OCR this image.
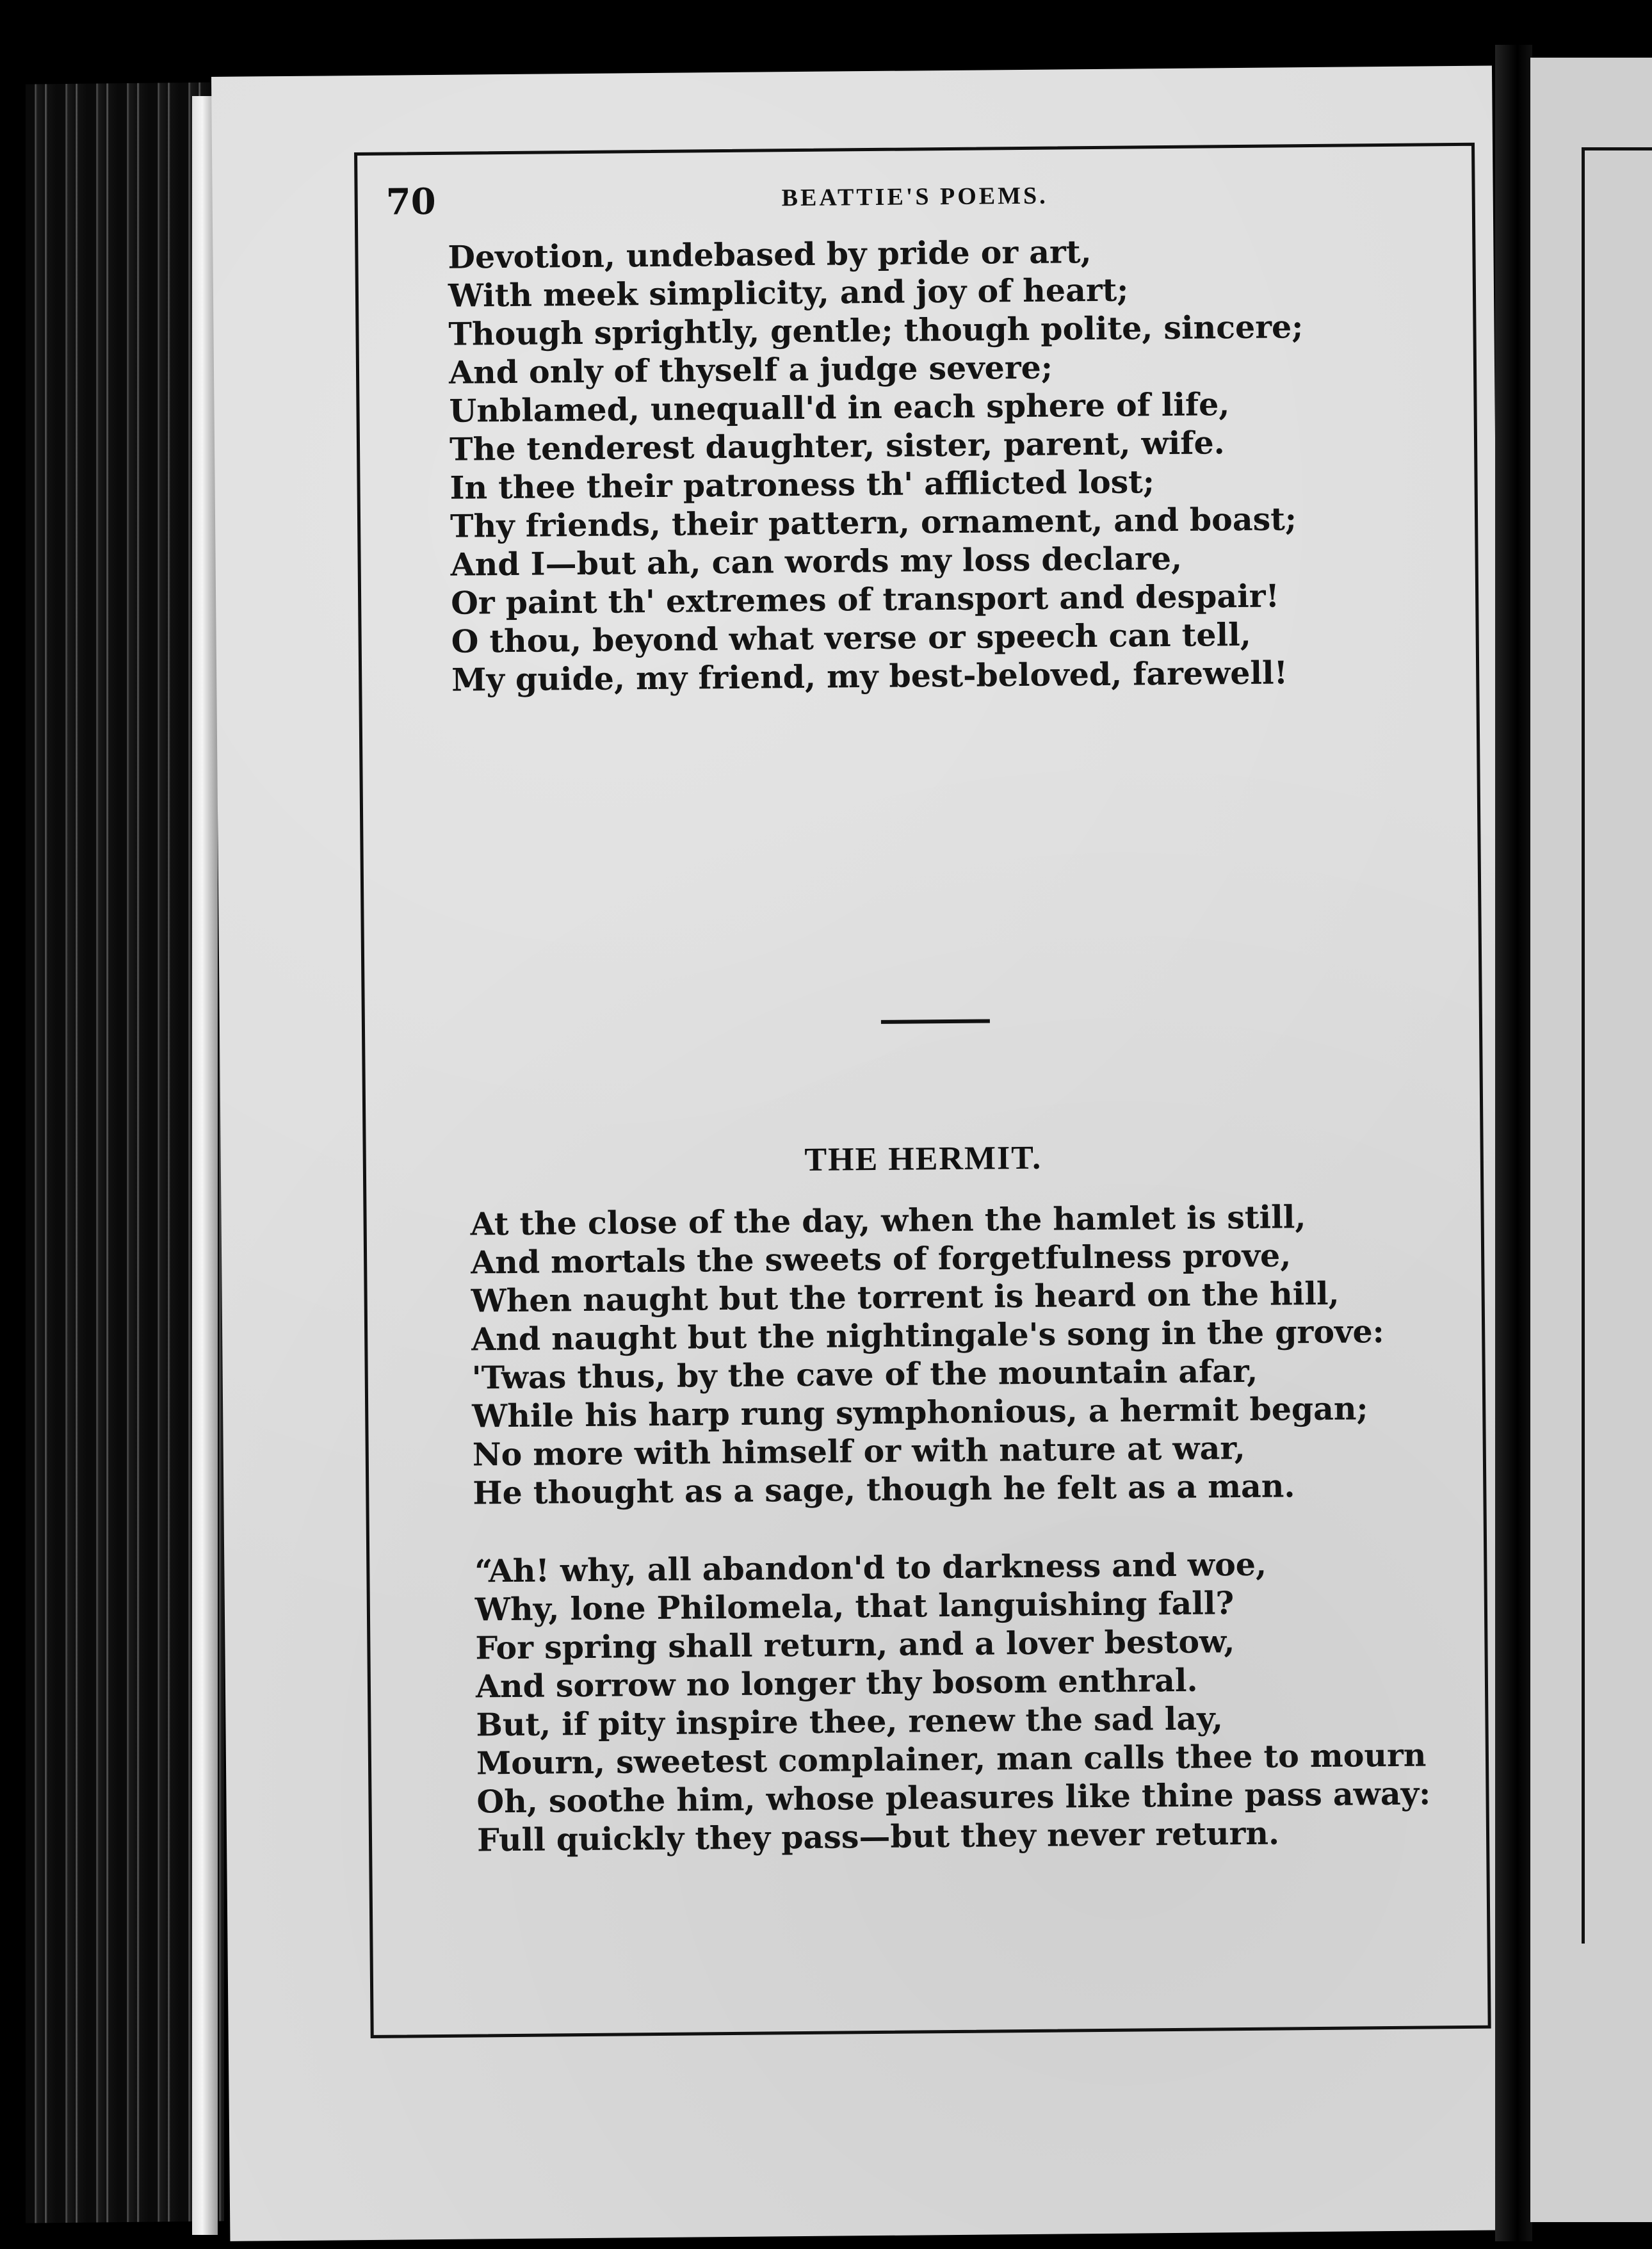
70	BEATTIE'S POEMS.
Devotion, undebased by pride or art,
With meek simplicity, and joy of heart;
Though sprightly, gentle; though polite, sincere;
And only of thyself a judge severe;
Unblamed, unequall'd in each sphere of life,
The tenderest daughter, sister, parent, wife.
In thee their patroness th' afflicted lost;
Thy friends, their pattern, ornament, and boast;
And I—but ah, can words my loss declare,
Or paint th' extremes of transport and despair!
O thou, beyond what verse or speech can tell,
My guide, my friend, my best-beloved, farewell!
THE HERMIT.
At the close of the day, when the hamlet is still,
And mortals the sweets of forgetfulness prove,
When naught but the torrent is heard on the hill,
And naught but the nightingale's song in the grove:
'Twas thus, by the cave of the mountain afar,
While his harp rung symphonious, a hermit began;
No more with himself or with nature at war,
He thought as a sage, though he felt as a man.
“Ah! why, all abandon'd to darkness and woe,
Why, lone Philomela, that languishing fall?
For spring shall return, and a lover bestow,
And sorrow no longer thy bosom enthral.
But, if pity inspire thee, renew the sad lay,
Mourn, sweetest complainer, man calls thee to mourn
Oh, soothe him, whose pleasures like thine pass away:
Full quickly they pass—but they never return.
